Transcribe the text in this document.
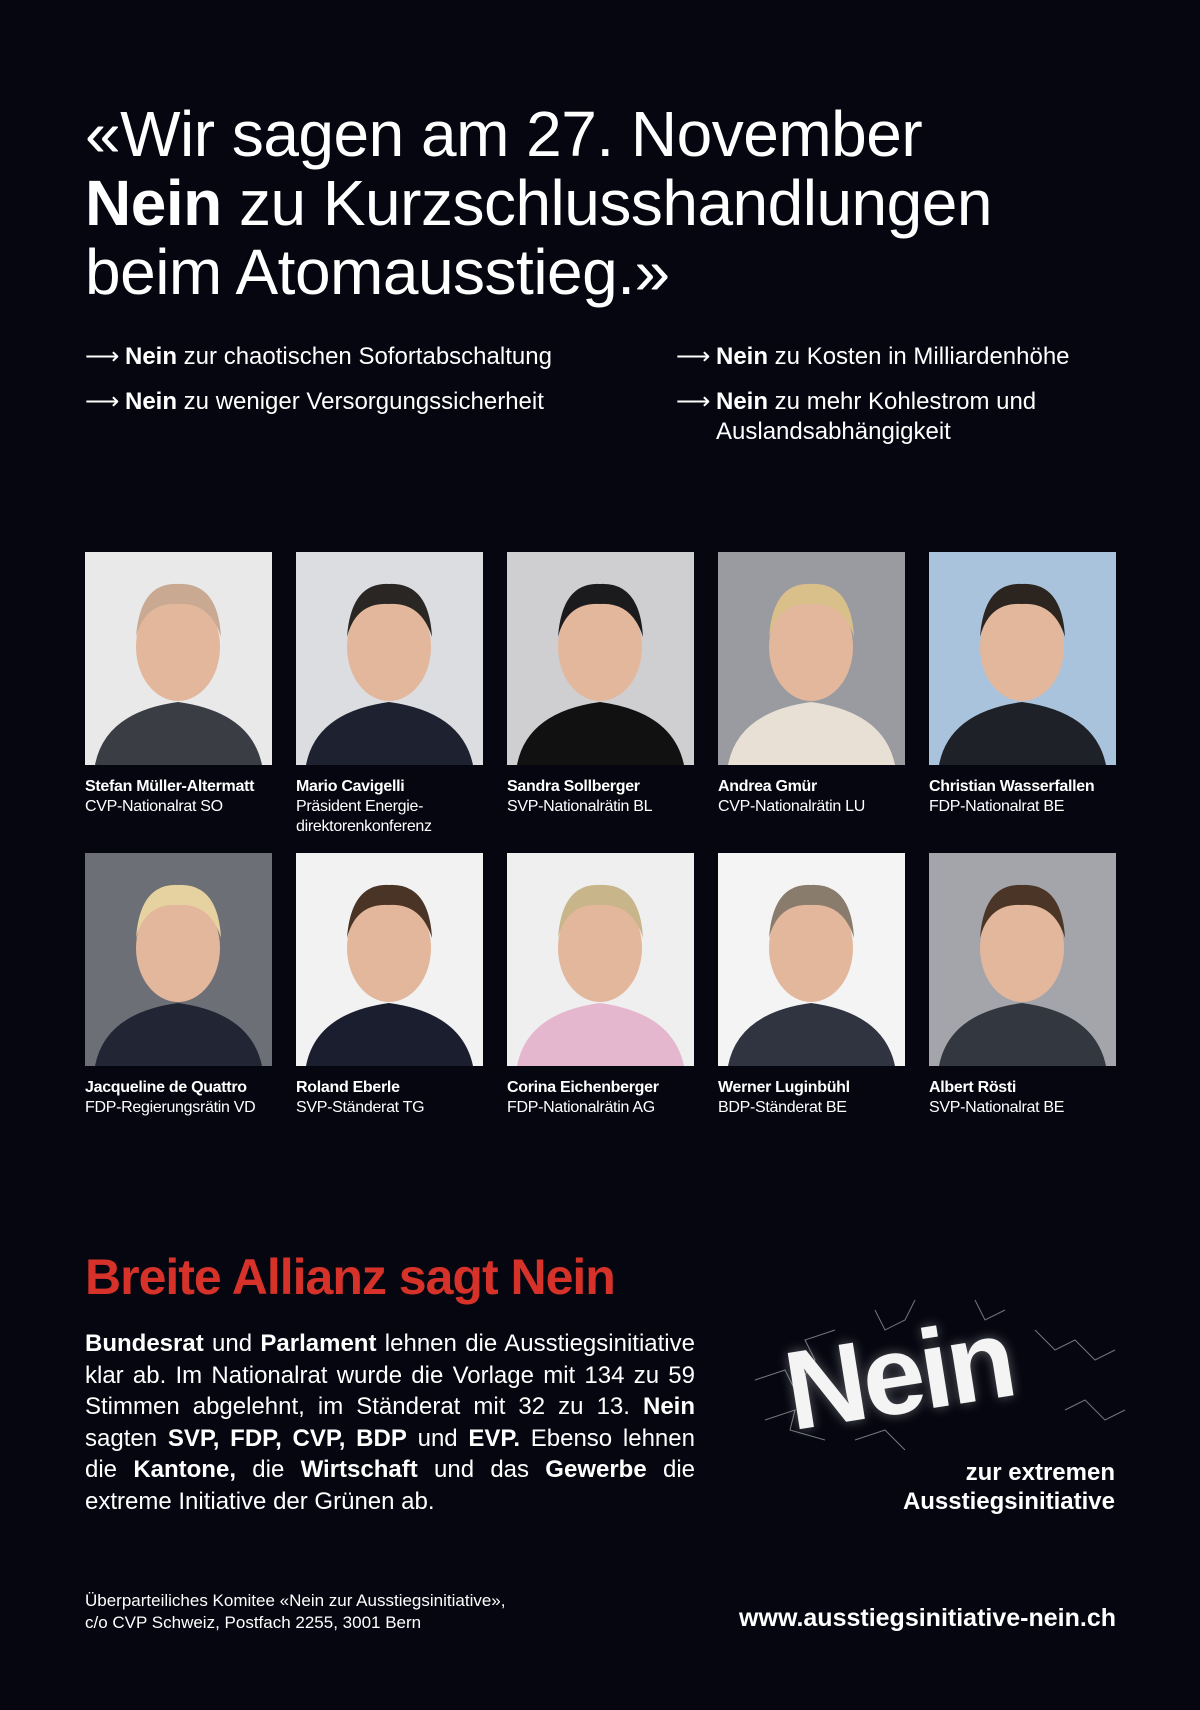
«Wir sagen am 27. November
Nein zu Kurzschlusshandlungen
beim Atomausstieg.»
⟶ Nein zur chaotischen Sofortabschaltung
⟶ Nein zu weniger Versorgungssicherheit
⟶ Nein zu Kosten in Milliardenhöhe
⟶ Nein zu mehr Kohlestrom und Auslandsabhängigkeit
Stefan Müller-Altermatt
CVP-Nationalrat SO
Mario Cavigelli
Präsident Energie-direktorenkonferenz
Sandra Sollberger
SVP-Nationalrätin BL
Andrea Gmür
CVP-Nationalrätin LU
Christian Wasserfallen
FDP-Nationalrat BE
Jacqueline de Quattro
FDP-Regierungsrätin VD
Roland Eberle
SVP-Ständerat TG
Corina Eichenberger
FDP-Nationalrätin AG
Werner Luginbühl
BDP-Ständerat BE
Albert Rösti
SVP-Nationalrat BE
Breite Allianz sagt Nein

Bundesrat und Parlament lehnen die Ausstiegsinitiative klar ab. Im Nationalrat wurde die Vorlage mit 134 zu 59 Stimmen abgelehnt, im Ständerat mit 32 zu 13. Nein sagten SVP, FDP, CVP, BDP und EVP. Ebenso lehnen die Kantone, die Wirtschaft und das Gewerbe die extreme Initiative der Grünen ab.

Nein
zur extremen
Ausstiegsinitiative
Überparteiliches Komitee «Nein zur Ausstiegsinitiative»,
c/o CVP Schweiz, Postfach 2255, 3001 Bern	www.ausstiegsinitiative-nein.ch
